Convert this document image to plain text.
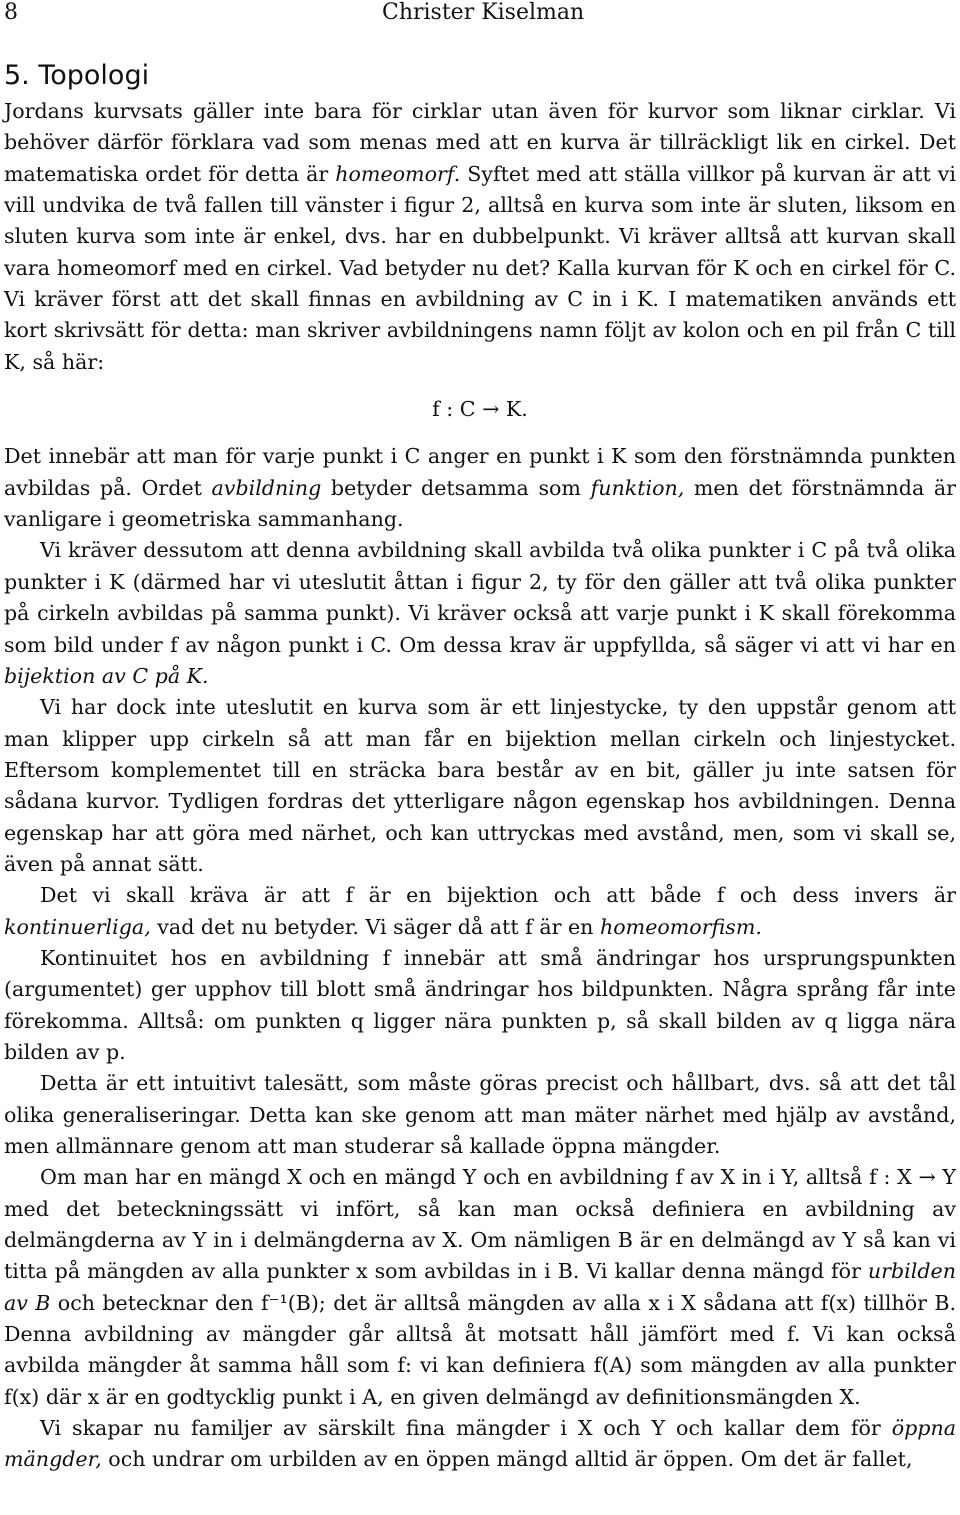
8	Christer Kiselman
5. Topologi

Jordans kurvsats gäller inte bara för cirklar utan även för kurvor som liknar cirklar. Vi behöver därför förklara vad som menas med att en kurva är tillräckligt lik en cirkel. Det matematiska ordet för detta är homeomorf. Syftet med att ställa villkor på kurvan är att vi vill undvika de två fallen till vänster i figur 2, alltså en kurva som inte är sluten, liksom en sluten kurva som inte är enkel, dvs. har en dubbelpunkt. Vi kräver alltså att kurvan skall vara homeomorf med en cirkel. Vad betyder nu det? Kalla kurvan för K och en cirkel för C. Vi kräver först att det skall finnas en avbildning av C in i K. I matematiken används ett kort skrivsätt för detta: man skriver avbildningens namn följt av kolon och en pil från C till K, så här:

f : C → K.

Det innebär att man för varje punkt i C anger en punkt i K som den förstnämnda punkten avbildas på. Ordet avbildning betyder detsamma som funktion, men det förstnämnda är vanligare i geometriska sammanhang.

Vi kräver dessutom att denna avbildning skall avbilda två olika punkter i C på två olika punkter i K (därmed har vi uteslutit åttan i figur 2, ty för den gäller att två olika punkter på cirkeln avbildas på samma punkt). Vi kräver också att varje punkt i K skall förekomma som bild under f av någon punkt i C. Om dessa krav är uppfyllda, så säger vi att vi har en bijektion av C på K.

Vi har dock inte uteslutit en kurva som är ett linjestycke, ty den uppstår genom att man klipper upp cirkeln så att man får en bijektion mellan cirkeln och linjestycket. Eftersom komplementet till en sträcka bara består av en bit, gäller ju inte satsen för sådana kurvor. Tydligen fordras det ytterligare någon egenskap hos avbildningen. Denna egenskap har att göra med närhet, och kan uttryckas med avstånd, men, som vi skall se, även på annat sätt.

Det vi skall kräva är att f är en bijektion och att både f och dess invers är kontinuerliga, vad det nu betyder. Vi säger då att f är en homeomorfism.

Kontinuitet hos en avbildning f innebär att små ändringar hos ursprungspunkten (argumentet) ger upphov till blott små ändringar hos bildpunkten. Några språng får inte förekomma. Alltså: om punkten q ligger nära punkten p, så skall bilden av q ligga nära bilden av p.

Detta är ett intuitivt talesätt, som måste göras precist och hållbart, dvs. så att det tål olika generaliseringar. Detta kan ske genom att man mäter närhet med hjälp av avstånd, men allmännare genom att man studerar så kallade öppna mängder.

Om man har en mängd X och en mängd Y och en avbildning f av X in i Y, alltså f : X → Y med det beteckningssätt vi infört, så kan man också definiera en avbildning av delmängderna av Y in i delmängderna av X. Om nämligen B är en delmängd av Y så kan vi titta på mängden av alla punkter x som avbildas in i B. Vi kallar denna mängd för urbilden av B och betecknar den f⁻¹(B); det är alltså mängden av alla x i X sådana att f(x) tillhör B. Denna avbildning av mängder går alltså åt motsatt håll jämfört med f. Vi kan också avbilda mängder åt samma håll som f: vi kan definiera f(A) som mängden av alla punkter f(x) där x är en godtycklig punkt i A, en given delmängd av definitionsmängden X.

Vi skapar nu familjer av särskilt fina mängder i X och Y och kallar dem för öppna mängder, och undrar om urbilden av en öppen mängd alltid är öppen. Om det är fallet,
